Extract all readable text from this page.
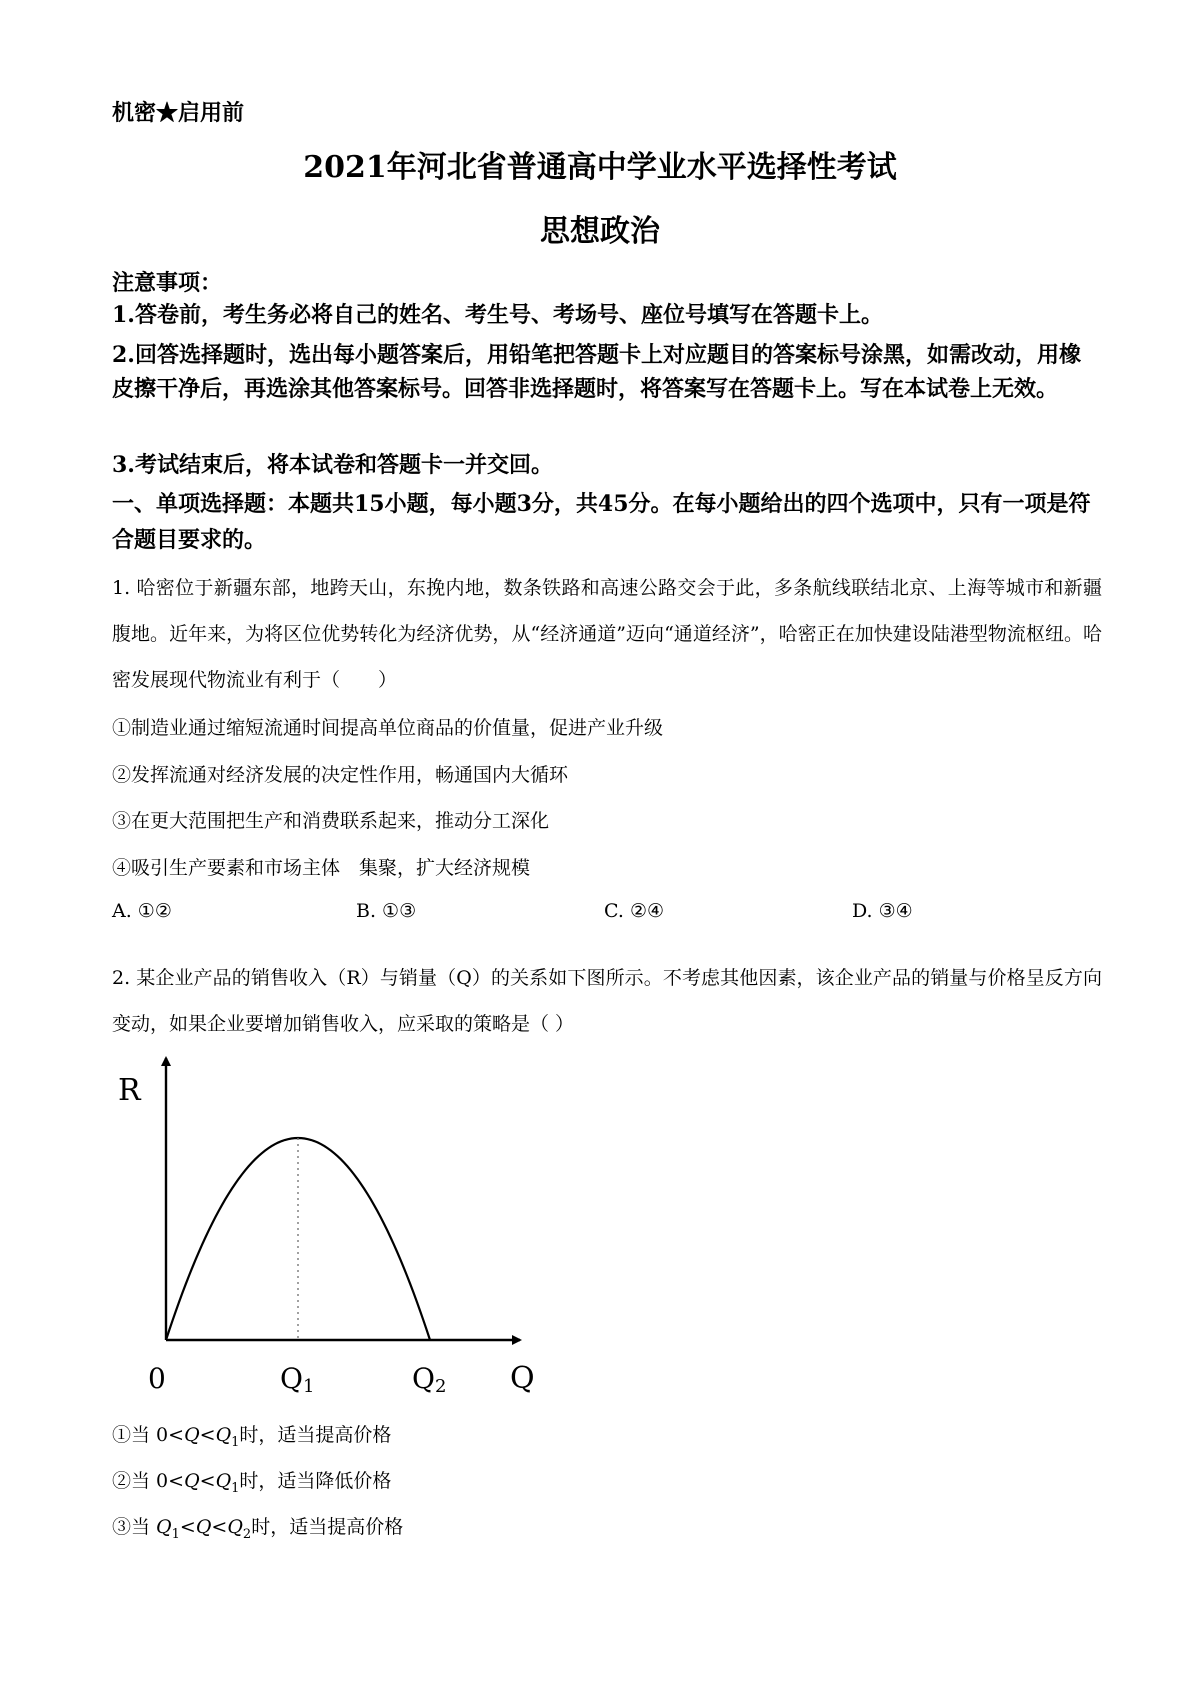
机密★启用前
2021年河北省普通高中学业水平选择性考试
思想政治
注意事项：
1.答卷前，考生务必将自己的姓名、考生号、考场号、座位号填写在答题卡上。
2.回答选择题时，选出每小题答案后，用铅笔把答题卡上对应题目的答案标号涂黑，如需改动，用橡皮擦干净后，再选涂其他答案标号。回答非选择题时，将答案写在答题卡上。写在本试卷上无效。
3.考试结束后，将本试卷和答题卡一并交回。
一、单项选择题：本题共15小题，每小题3分，共45分。在每小题给出的四个选项中，只有一项是符合题目要求的。
1. 哈密位于新疆东部，地跨天山，东挽内地，数条铁路和高速公路交会于此，多条航线联结北京、上海等城市和新疆腹地。近年来，为将区位优势转化为经济优势，从“经济通道”迈向“通道经济”，哈密正在加快建设陆港型物流枢纽。哈密发展现代物流业有利于（　　）
①制造业通过缩短流通时间提高单位商品的价值量，促进产业升级
②发挥流通对经济发展的决定性作用，畅通国内大循环
③在更大范围把生产和消费联系起来，推动分工深化
④吸引生产要素和市场主体　集聚，扩大经济规模
A. ①②	B. ①③	C. ②④	D. ③④
2. 某企业产品的销售收入（R）与销量（Q）的关系如下图所示。不考虑其他因素，该企业产品的销量与价格呈反方向变动，如果企业要增加销售收入，应采取的策略是（ ）
R
0	Q
Q1	Q2
①当 $0<Q<Q_1$时，适当提高价格
②当 $0<Q<Q_1$时，适当降低价格
③当 $Q_1<Q<Q_2$时，适当提高价格
